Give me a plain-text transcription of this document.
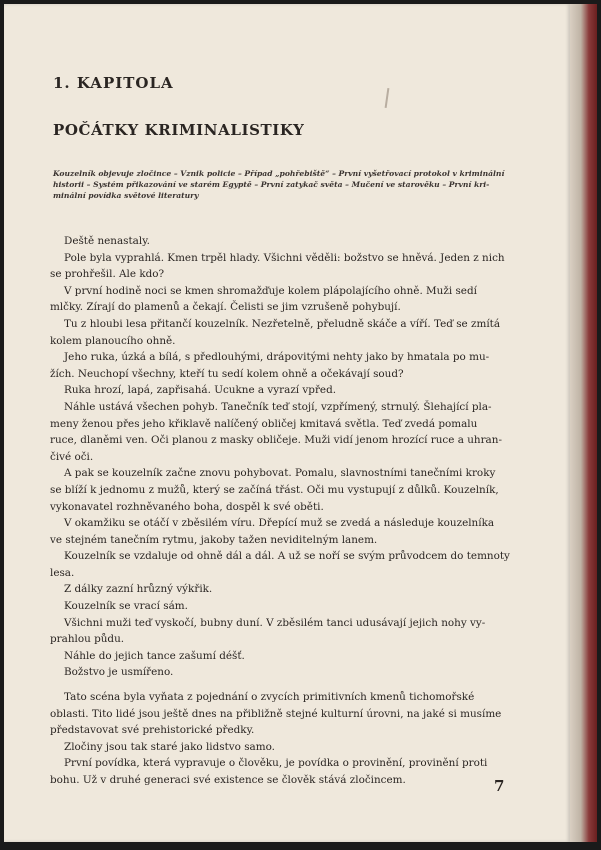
1. KAPITOLA
POČÁTKY KRIMINALISTIKY
Kouzelník objevuje zločince – Vznik policie – Případ „pohřebiště“ – První vyšetřovací protokol v kriminální
historii – Systém přikazování ve starém Egyptě – První zatykač světa – Mučení ve starověku – První kri-
minální povídka světové literatury
Deště nenastaly.
Pole byla vyprahlá. Kmen trpěl hlady. Všichni věděli: božstvo se hněvá. Jeden z nich
se prohřešil. Ale kdo?
V první hodině noci se kmen shromažďuje kolem plápolajícího ohně. Muži sedí
mlčky. Zírají do plamenů a čekají. Čelisti se jim vzrušeně pohybují.
Tu z hloubi lesa přitančí kouzelník. Nezřetelně, přeludně skáče a víří. Teď se zmítá
kolem planoucího ohně.
Jeho ruka, úzká a bílá, s předlouhými, drápovitými nehty jako by hmatala po mu-
žích. Neuchopí všechny, kteří tu sedí kolem ohně a očekávají soud?
Ruka hrozí, lapá, zapřisahá. Ucukne a vyrazí vpřed.
Náhle ustává všechen pohyb. Tanečník teď stojí, vzpřímený, strnulý. Šlehající pla-
meny ženou přes jeho křiklavě nalíčený obličej kmitavá světla. Teď zvedá pomalu
ruce, dlaněmi ven. Oči planou z masky obličeje. Muži vidí jenom hrozící ruce a uhran-
čivé oči.
A pak se kouzelník začne znovu pohybovat. Pomalu, slavnostními tanečními kroky
se blíží k jednomu z mužů, který se začíná třást. Oči mu vystupují z důlků. Kouzelník,
vykonavatel rozhněvaného boha, dospěl k své oběti.
V okamžiku se otáčí v zběsilém víru. Dřepící muž se zvedá a následuje kouzelníka
ve stejném tanečním rytmu, jakoby tažen neviditelným lanem.
Kouzelník se vzdaluje od ohně dál a dál. A už se noří se svým průvodcem do temnoty
lesa.
Z dálky zazní hrůzný výkřik.
Kouzelník se vrací sám.
Všichni muži teď vyskočí, bubny duní. V zběsilém tanci udusávají jejich nohy vy-
prahlou půdu.
Náhle do jejich tance zašumí déšť.
Božstvo je usmířeno.
Tato scéna byla vyňata z pojednání o zvycích primitivních kmenů tichomořské
oblasti. Tito lidé jsou ještě dnes na přibližně stejné kulturní úrovni, na jaké si musíme
představovat své prehistorické předky.
Zločiny jsou tak staré jako lidstvo samo.
První povídka, která vypravuje o člověku, je povídka o provinění, provinění proti
bohu. Už v druhé generaci své existence se člověk stává zločincem.	7
